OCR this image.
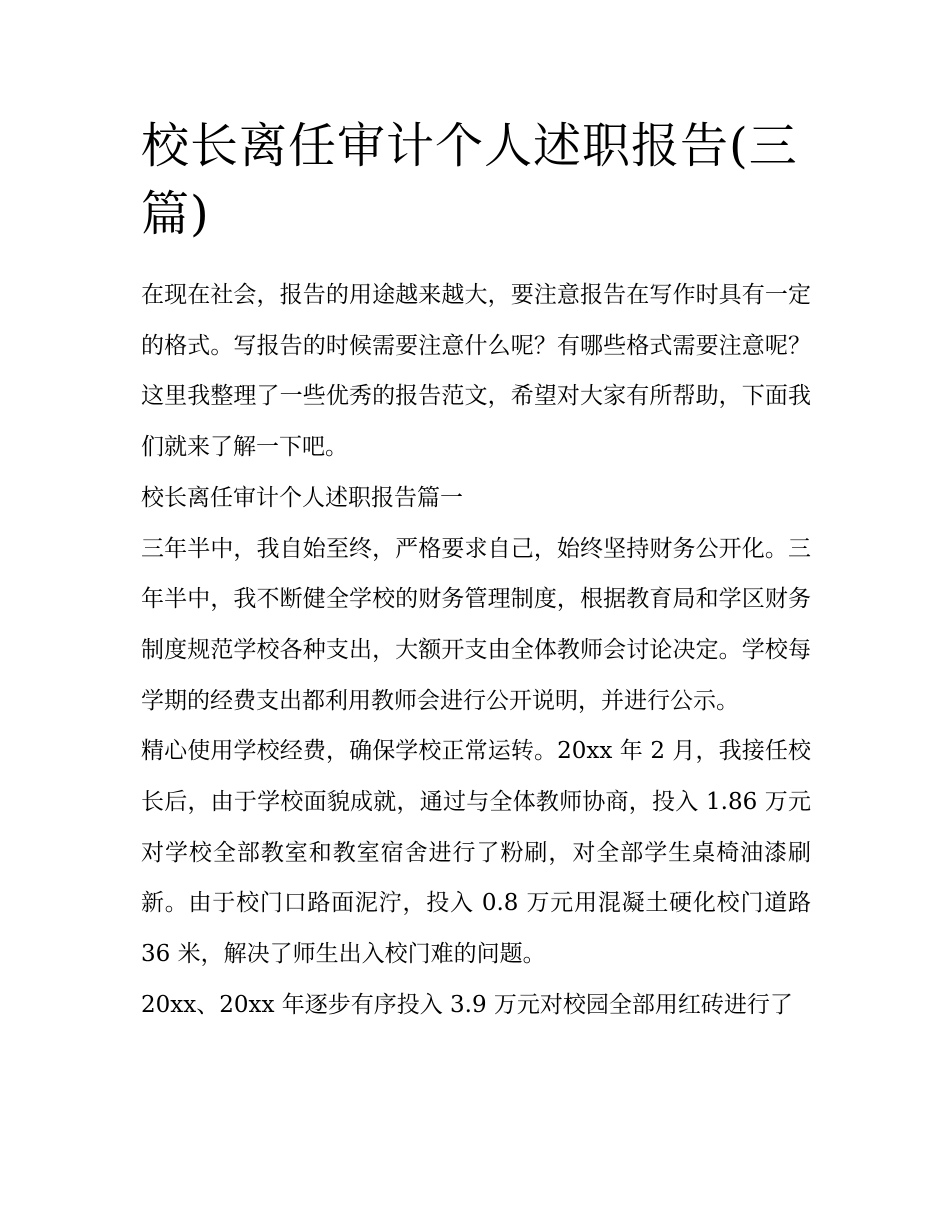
校长离任审计个人述职报告(三篇)

在现在社会，报告的用途越来越大，要注意报告在写作时具有一定的格式。写报告的时候需要注意什么呢？有哪些格式需要注意呢？这里我整理了一些优秀的报告范文，希望对大家有所帮助，下面我们就来了解一下吧。

校长离任审计个人述职报告篇一

三年半中，我自始至终，严格要求自己，始终坚持财务公开化。三年半中，我不断健全学校的财务管理制度，根据教育局和学区财务制度规范学校各种支出，大额开支由全体教师会讨论决定。学校每学期的经费支出都利用教师会进行公开说明，并进行公示。

精心使用学校经费，确保学校正常运转。20xx 年 2 月，我接任校长后，由于学校面貌成就，通过与全体教师协商，投入 1.86 万元对学校全部教室和教室宿舍进行了粉刷，对全部学生桌椅油漆刷新。由于校门口路面泥泞，投入 0.8 万元用混凝土硬化校门道路 36 米，解决了师生出入校门难的问题。

20xx、20xx 年逐步有序投入 3.9 万元对校园全部用红砖进行了
